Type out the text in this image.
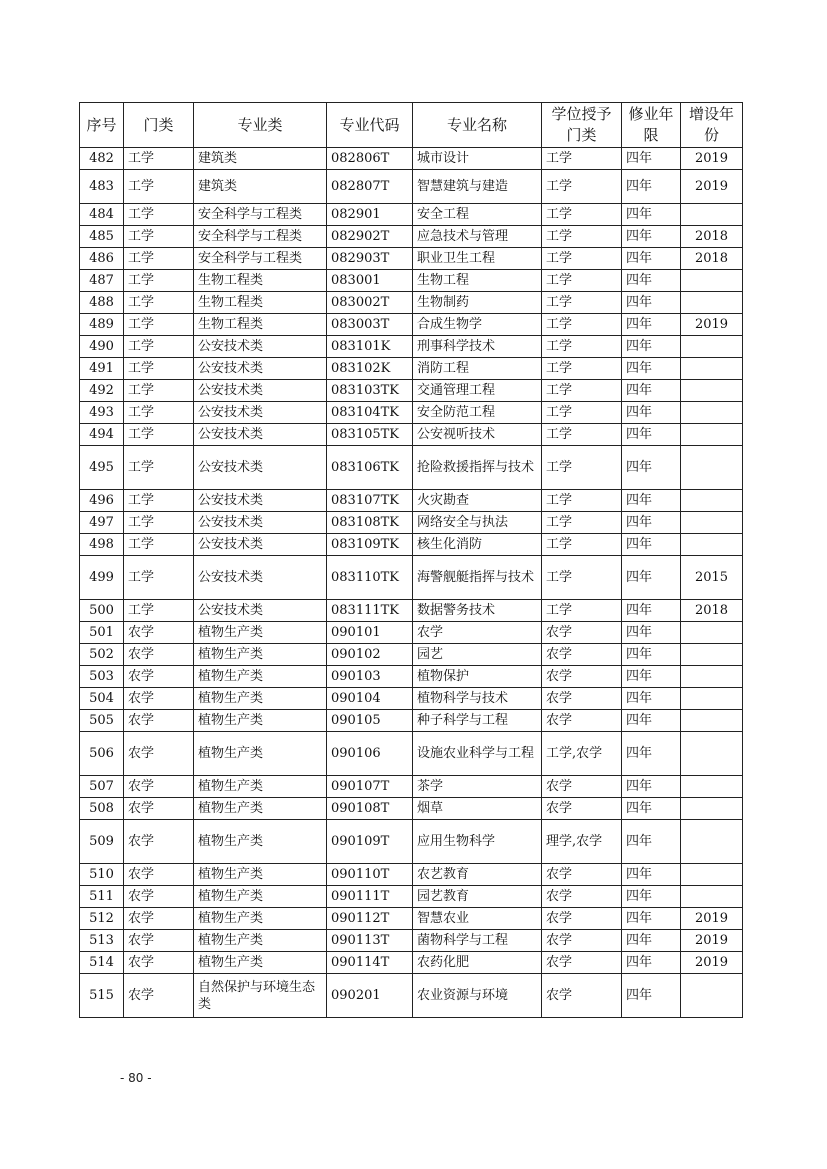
序号	门类	专业类	专业代码	专业名称	学位授予门类	修业年限	增设年份
482	工学	建筑类	082806T	城市设计	工学	四年	2019
483	工学	建筑类	082807T	智慧建筑与建造	工学	四年	2019
484	工学	安全科学与工程类	082901	安全工程	工学	四年	
485	工学	安全科学与工程类	082902T	应急技术与管理	工学	四年	2018
486	工学	安全科学与工程类	082903T	职业卫生工程	工学	四年	2018
487	工学	生物工程类	083001	生物工程	工学	四年	
488	工学	生物工程类	083002T	生物制药	工学	四年	
489	工学	生物工程类	083003T	合成生物学	工学	四年	2019
490	工学	公安技术类	083101K	刑事科学技术	工学	四年	
491	工学	公安技术类	083102K	消防工程	工学	四年	
492	工学	公安技术类	083103TK	交通管理工程	工学	四年	
493	工学	公安技术类	083104TK	安全防范工程	工学	四年	
494	工学	公安技术类	083105TK	公安视听技术	工学	四年	
495	工学	公安技术类	083106TK	抢险救援指挥与技术	工学	四年	
496	工学	公安技术类	083107TK	火灾勘查	工学	四年	
497	工学	公安技术类	083108TK	网络安全与执法	工学	四年	
498	工学	公安技术类	083109TK	核生化消防	工学	四年	
499	工学	公安技术类	083110TK	海警舰艇指挥与技术	工学	四年	2015
500	工学	公安技术类	083111TK	数据警务技术	工学	四年	2018
501	农学	植物生产类	090101	农学	农学	四年	
502	农学	植物生产类	090102	园艺	农学	四年	
503	农学	植物生产类	090103	植物保护	农学	四年	
504	农学	植物生产类	090104	植物科学与技术	农学	四年	
505	农学	植物生产类	090105	种子科学与工程	农学	四年	
506	农学	植物生产类	090106	设施农业科学与工程	工学,农学	四年	
507	农学	植物生产类	090107T	茶学	农学	四年	
508	农学	植物生产类	090108T	烟草	农学	四年	
509	农学	植物生产类	090109T	应用生物科学	理学,农学	四年	
510	农学	植物生产类	090110T	农艺教育	农学	四年	
511	农学	植物生产类	090111T	园艺教育	农学	四年	
512	农学	植物生产类	090112T	智慧农业	农学	四年	2019
513	农学	植物生产类	090113T	菌物科学与工程	农学	四年	2019
514	农学	植物生产类	090114T	农药化肥	农学	四年	2019
515	农学	自然保护与环境生态类	090201	农业资源与环境	农学	四年	
- 80 -
